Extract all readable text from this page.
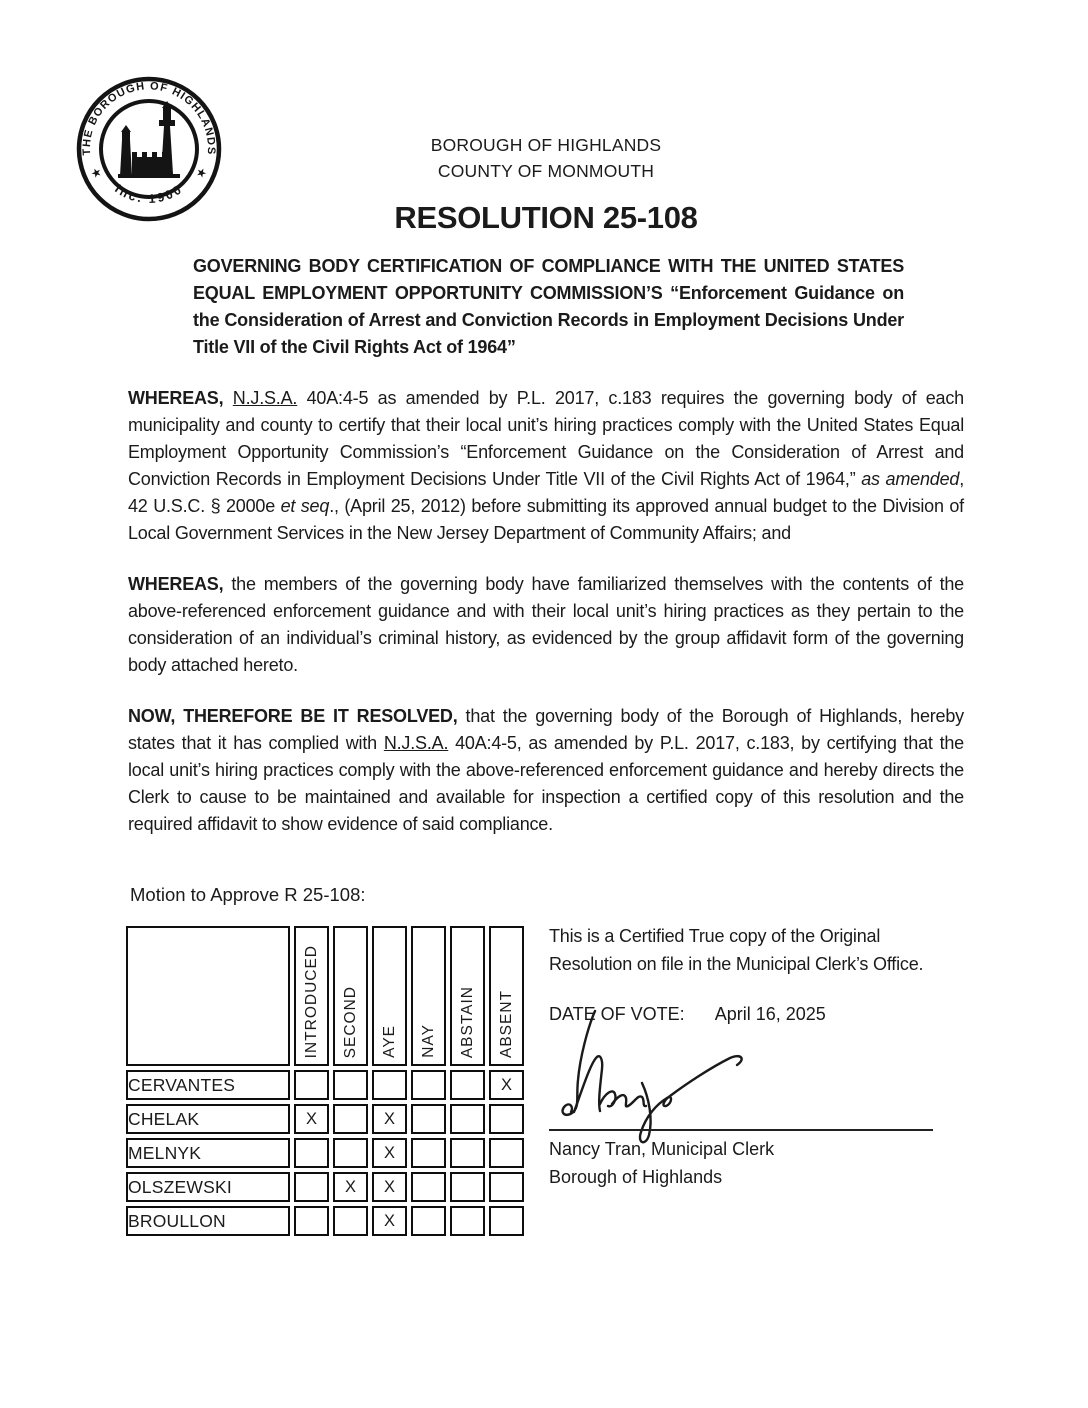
THE BOROUGH OF HIGHLANDS
Inc. 1900
★	★
BOROUGH OF HIGHLANDS
COUNTY OF MONMOUTH
RESOLUTION 25-108

GOVERNING BODY CERTIFICATION OF COMPLIANCE WITH THE UNITED STATES EQUAL EMPLOYMENT OPPORTUNITY COMMISSION’S “Enforcement Guidance on the Consideration of Arrest and Conviction Records in Employment Decisions Under Title VII of the Civil Rights Act of 1964”

WHEREAS, N.J.S.A. 40A:4-5 as amended by P.L. 2017, c.183 requires the governing body of each municipality and county to certify that their local unit’s hiring practices comply with the United States Equal Employment Opportunity Commission’s “Enforcement Guidance on the Consideration of Arrest and Conviction Records in Employment Decisions Under Title VII of the Civil Rights Act of 1964,” as amended, 42 U.S.C. § 2000e et seq., (April 25, 2012) before submitting its approved annual budget to the Division of Local Government Services in the New Jersey Department of Community Affairs; and

WHEREAS, the members of the governing body have familiarized themselves with the contents of the above-referenced enforcement guidance and with their local unit’s hiring practices as they pertain to the consideration of an individual’s criminal history, as evidenced by the group affidavit form of the governing body attached hereto.

NOW, THEREFORE BE IT RESOLVED, that the governing body of the Borough of Highlands, hereby states that it has complied with N.J.S.A. 40A:4-5, as amended by P.L. 2017, c.183, by certifying that the local unit’s hiring practices comply with the above-referenced enforcement guidance and hereby directs the Clerk to cause to be maintained and available for inspection a certified copy of this resolution and the required affidavit to show evidence of said compliance.

Motion to Approve R 25-108:

	INTRODUCED	SECOND	AYE	NAY	ABSTAIN	ABSENT

CERVANTES						X
CHELAK	X		X			
MELNYK			X			
OLSZEWSKI		X	X			
BROULLON			X			

This is a Certified True copy of the Original Resolution on file in the Municipal Clerk’s Office.

DATE OF VOTE: April 16, 2025
Nancy Tran, Municipal Clerk
Borough of Highlands
